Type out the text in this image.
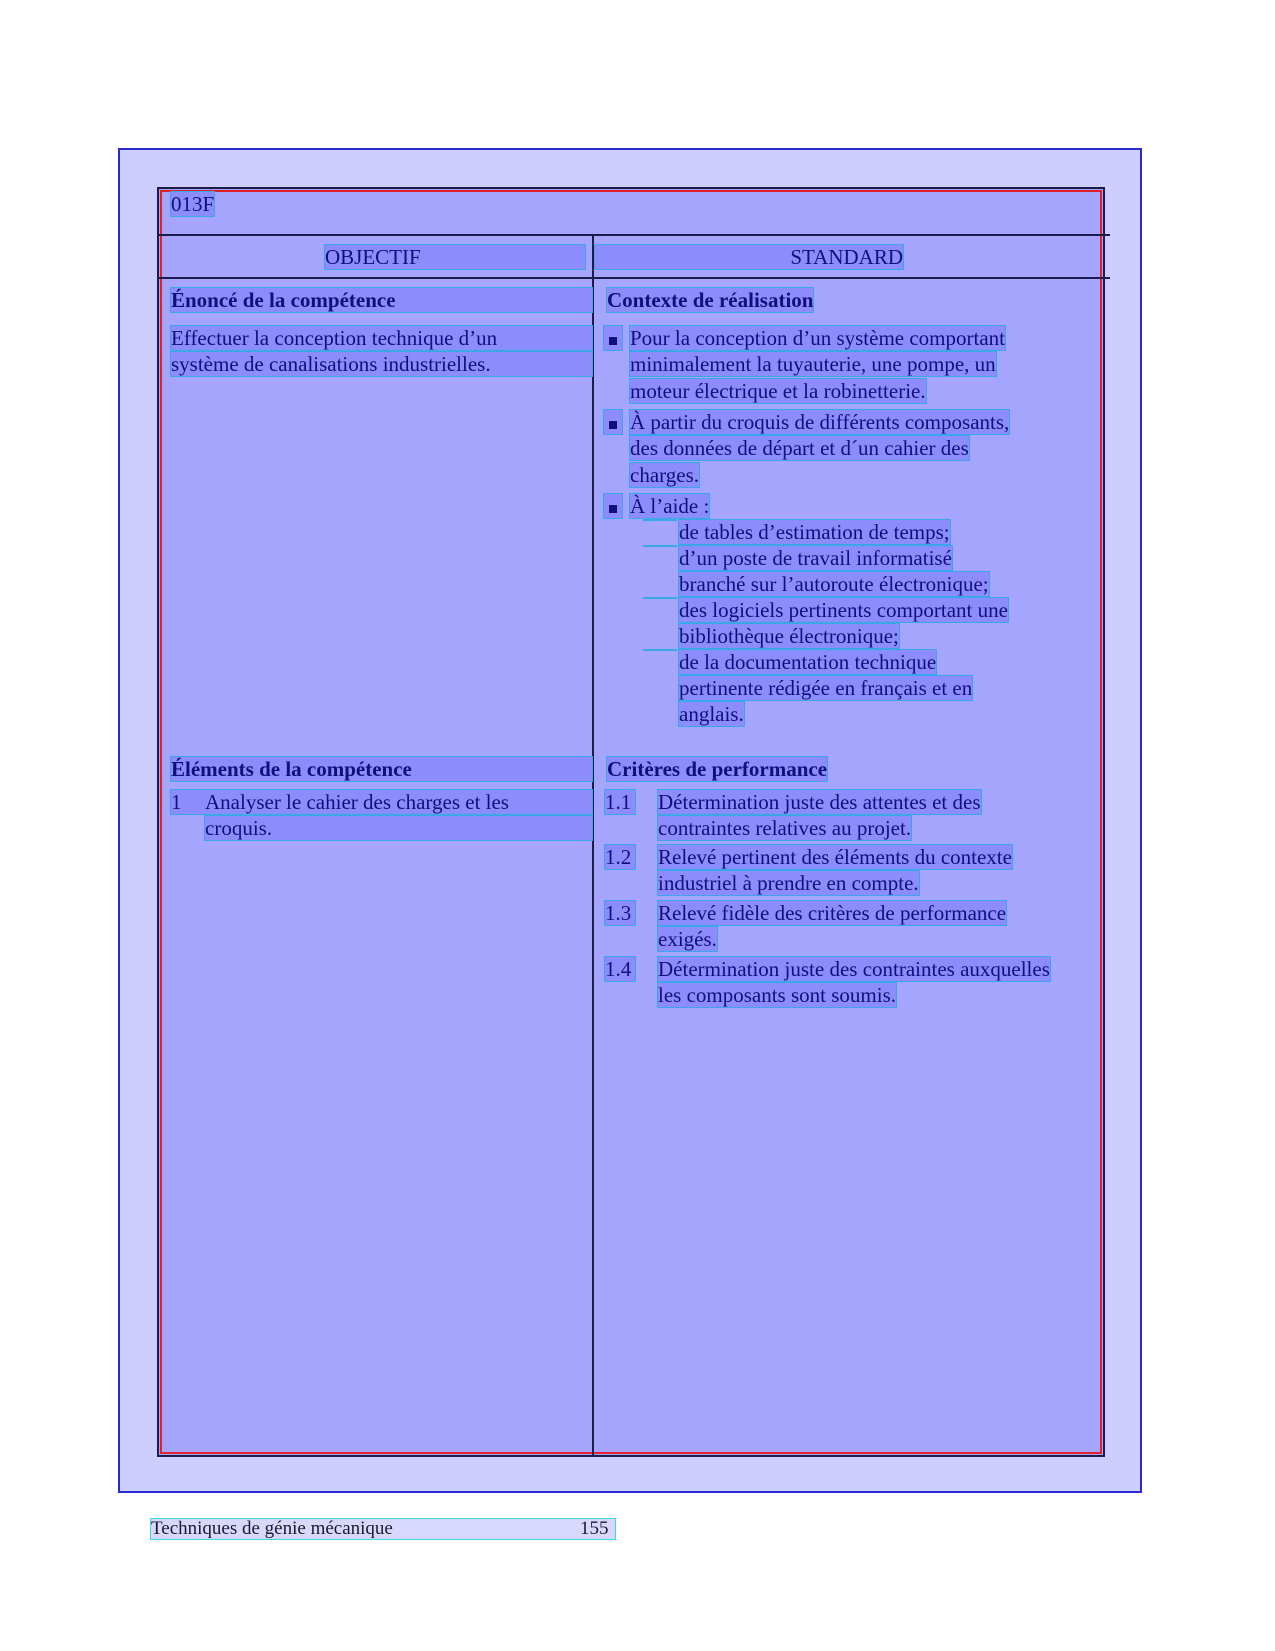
013F
OBJECTIF	STANDARD
Énoncé de la compétence
Effectuer la conception technique d’un
système de canalisations industrielles.
Contexte de réalisation
Pour la conception d’un système comportant
minimalement la tuyauterie, une pompe, un
moteur électrique et la robinetterie.
À partir du croquis de différents composants,
des données de départ et d´un cahier des
charges.
À l’aide :
de tables d’estimation de temps;
d’un poste de travail informatisé
branché sur l’autoroute électronique;
des logiciels pertinents comportant une
bibliothèque électronique;
de la documentation technique
pertinente rédigée en français et en
anglais.
Éléments de la compétence
1 Analyser le cahier des charges et les
croquis.
Critères de performance
1.1 Détermination juste des attentes et des
contraintes relatives au projet.
1.2 Relevé pertinent des éléments du contexte
industriel à prendre en compte.
1.3 Relevé fidèle des critères de performance
exigés.
1.4 Détermination juste des contraintes auxquelles
les composants sont soumis.
Techniques de génie mécanique	155
